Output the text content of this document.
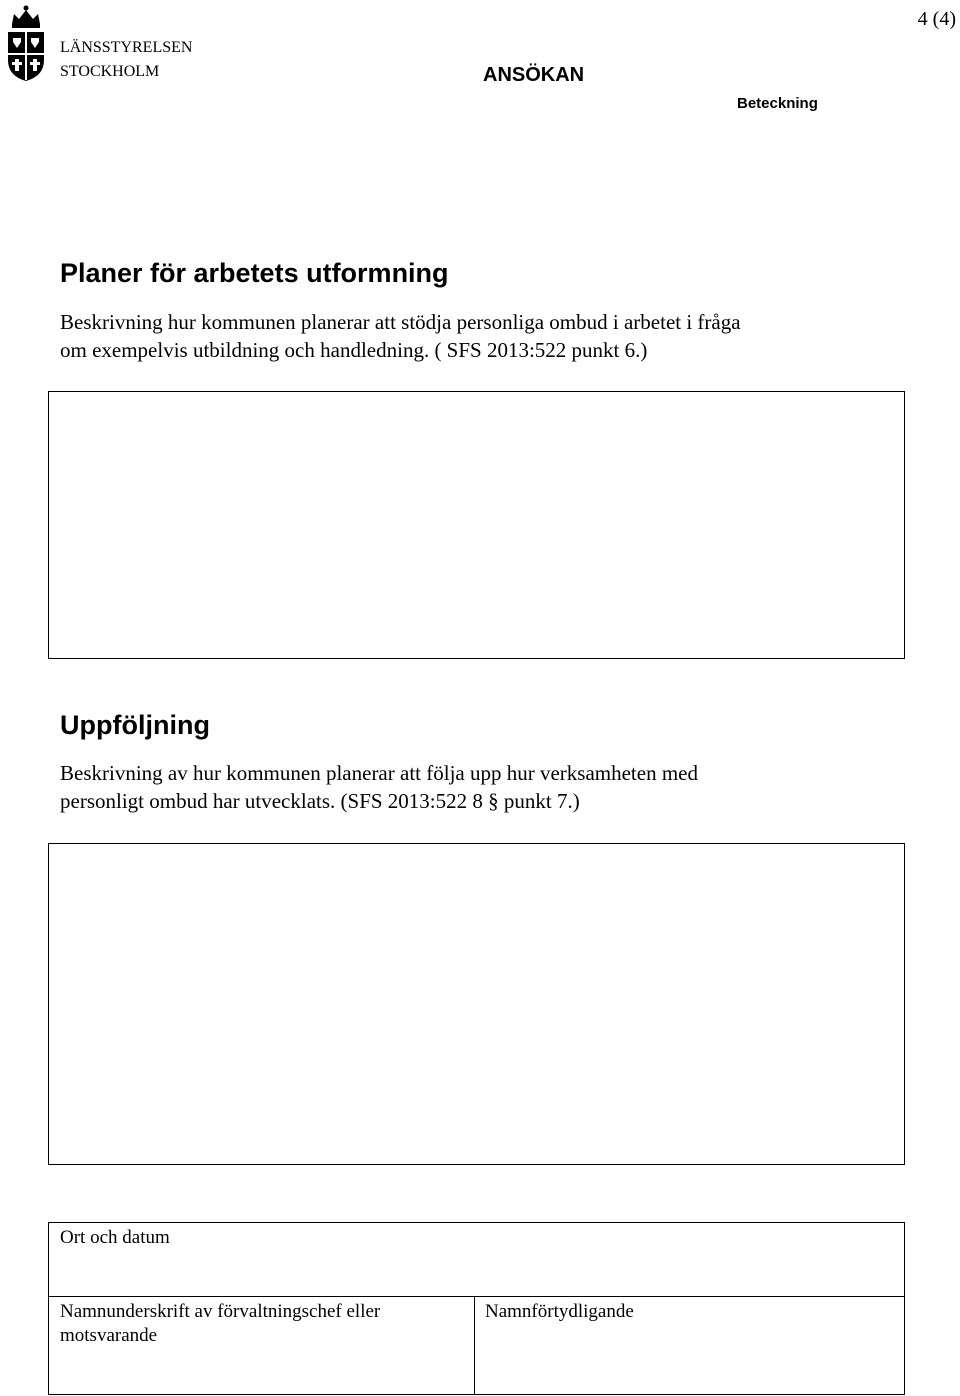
LÄNSSTYRELSEN
STOCKHOLM
4 (4)
ANSÖKAN
Beteckning
Planer för arbetets utformning
Beskrivning hur kommunen planerar att stödja personliga ombud i arbetet i fråga
om exempelvis utbildning och handledning. ( SFS 2013:522 punkt 6.)
Uppföljning
Beskrivning av hur kommunen planerar att följa upp hur verksamheten med
personligt ombud har utvecklats. (SFS 2013:522 8 § punkt 7.)
Ort och datum
Namnunderskrift av förvaltningschef eller motsvarande
Namnförtydligande
